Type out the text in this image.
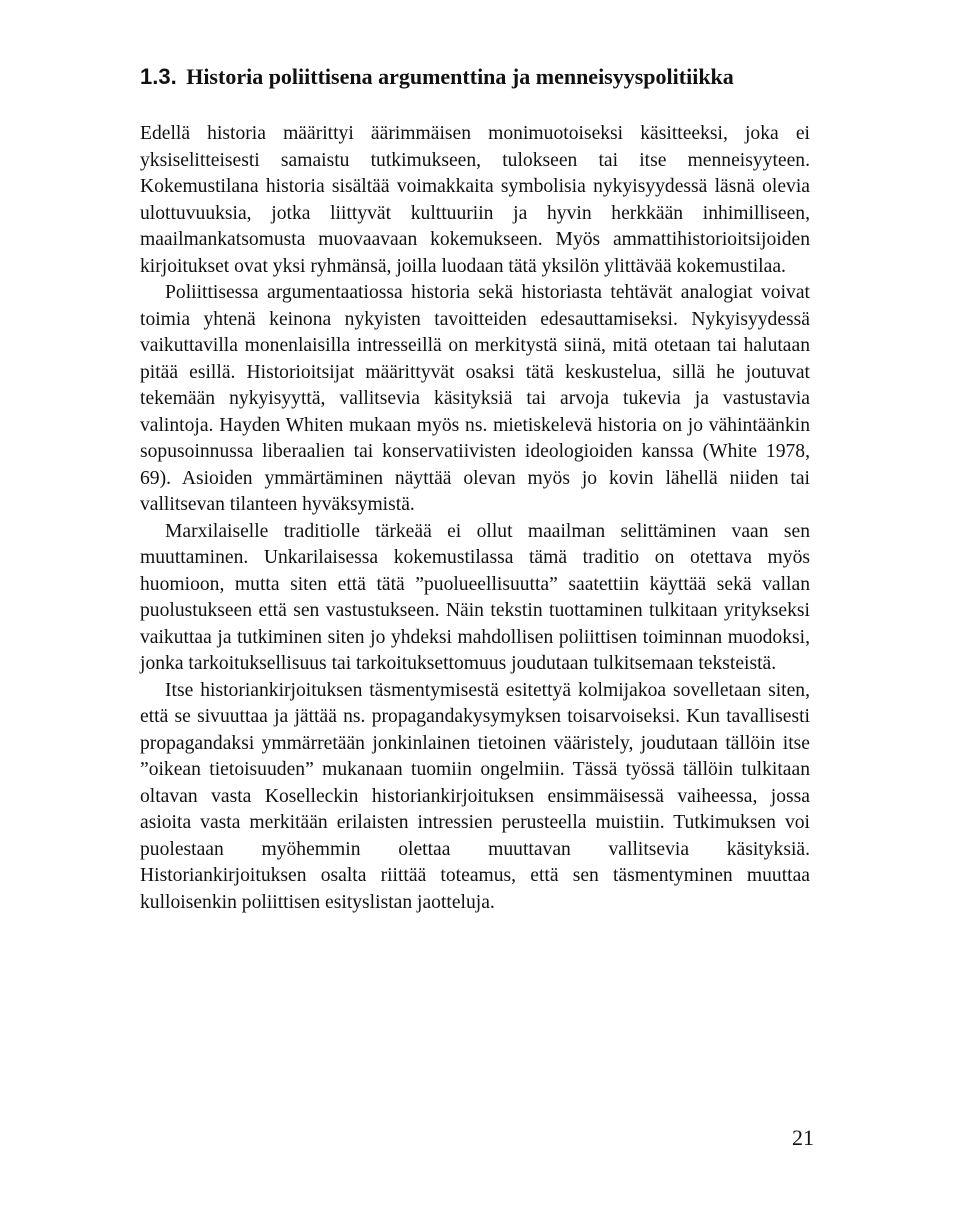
1.3. Historia poliittisena argumenttina ja menneisyyspolitiikka

Edellä historia määrittyi äärimmäisen monimuotoiseksi käsitteeksi, joka ei yksiselitteisesti samaistu tutkimukseen, tulokseen tai itse menneisyyteen. Kokemustilana historia sisältää voimakkaita symbolisia nykyisyydessä läsnä olevia ulottuvuuksia, jotka liittyvät kulttuuriin ja hyvin herkkään inhimilliseen, maailmankatsomusta muovaavaan kokemukseen. Myös ammattihistorioitsijoiden kirjoitukset ovat yksi ryhmänsä, joilla luodaan tätä yksilön ylittävää kokemustilaa.

Poliittisessa argumentaatiossa historia sekä historiasta tehtävät analogiat voivat toimia yhtenä keinona nykyisten tavoitteiden edesauttamiseksi. Nykyisyydessä vaikuttavilla monenlaisilla intresseillä on merkitystä siinä, mitä otetaan tai halutaan pitää esillä. Historioitsijat määrittyvät osaksi tätä keskustelua, sillä he joutuvat tekemään nykyisyyttä, vallitsevia käsityksiä tai arvoja tukevia ja vastustavia valintoja. Hayden Whiten mukaan myös ns. mietiskelevä historia on jo vähintäänkin sopusoinnussa liberaalien tai konservatiivisten ideologioiden kanssa (White 1978, 69). Asioiden ymmärtäminen näyttää olevan myös jo kovin lähellä niiden tai vallitsevan tilanteen hyväksymistä.

Marxilaiselle traditiolle tärkeää ei ollut maailman selittäminen vaan sen muuttaminen. Unkarilaisessa kokemustilassa tämä traditio on otettava myös huomioon, mutta siten että tätä ”puolueellisuutta” saatettiin käyttää sekä vallan puolustukseen että sen vastustukseen. Näin tekstin tuottaminen tulkitaan yritykseksi vaikuttaa ja tutkiminen siten jo yhdeksi mahdollisen poliittisen toiminnan muodoksi, jonka tarkoituksellisuus tai tarkoituksettomuus joudutaan tulkitsemaan teksteistä.

Itse historiankirjoituksen täsmentymisestä esitettyä kolmijakoa sovelletaan siten, että se sivuuttaa ja jättää ns. propagandakysymyksen toisarvoiseksi. Kun tavallisesti propagandaksi ymmärretään jonkinlainen tietoinen vääristely, joudutaan tällöin itse ”oikean tietoisuuden” mukanaan tuomiin ongelmiin. Tässä työssä tällöin tulkitaan oltavan vasta Koselleckin historiankirjoituksen ensimmäisessä vaiheessa, jossa asioita vasta merkitään erilaisten intressien perusteella muistiin. Tutkimuksen voi puolestaan myöhemmin olettaa muuttavan vallitsevia käsityksiä. Historiankirjoituksen osalta riittää toteamus, että sen täsmentyminen muuttaa kulloisenkin poliittisen esityslistan jaotteluja.

21
